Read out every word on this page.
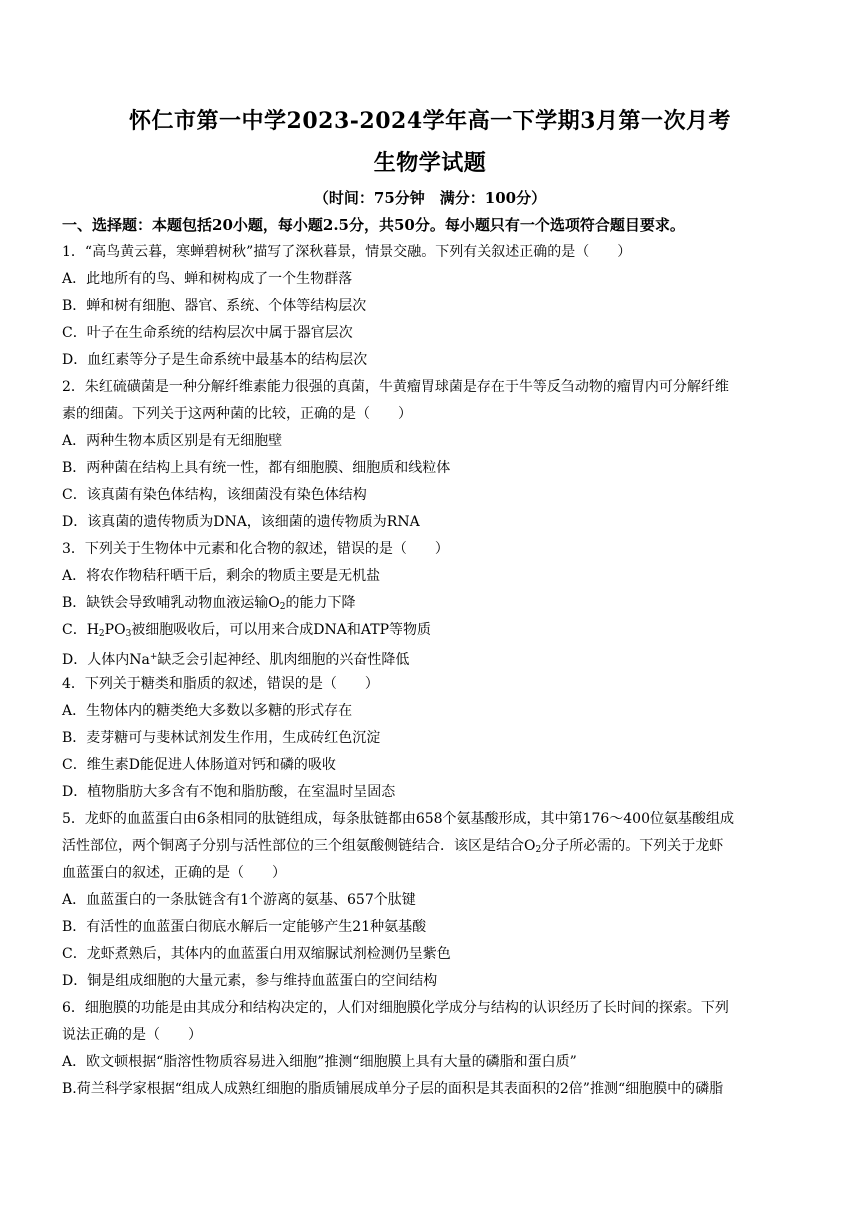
怀仁市第一中学2023-2024学年高一下学期3月第一次月考
生物学试题
（时间：75分钟　满分：100分）
一、选择题：本题包括20小题，每小题2.5分，共50分。每小题只有一个选项符合题目要求。
1．“高鸟黄云暮，寒蝉碧树秋”描写了深秋暮景，情景交融。下列有关叙述正确的是（　　）
A．此地所有的鸟、蝉和树构成了一个生物群落
B．蝉和树有细胞、器官、系统、个体等结构层次
C．叶子在生命系统的结构层次中属于器官层次
D．血红素等分子是生命系统中最基本的结构层次
2．朱红硫磺菌是一种分解纤维素能力很强的真菌，牛黄瘤胃球菌是存在于牛等反刍动物的瘤胃内可分解纤维
素的细菌。下列关于这两种菌的比较，正确的是（　　）
A．两种生物本质区别是有无细胞壁
B．两种菌在结构上具有统一性，都有细胞膜、细胞质和线粒体
C．该真菌有染色体结构，该细菌没有染色体结构
D．该真菌的遗传物质为DNA，该细菌的遗传物质为RNA
3．下列关于生物体中元素和化合物的叙述，错误的是（　　）
A．将农作物秸秆晒干后，剩余的物质主要是无机盐
B．缺铁会导致哺乳动物血液运输$O_2$的能力下降
C．$H_2PO_3$被细胞吸收后，可以用来合成DNA和ATP等物质
D．人体内Na+缺乏会引起神经、肌肉细胞的兴奋性降低
4．下列关于糖类和脂质的叙述，错误的是（　　）
A．生物体内的糖类绝大多数以多糖的形式存在
B．麦芽糖可与斐林试剂发生作用，生成砖红色沉淀
C．维生素D能促进人体肠道对钙和磷的吸收
D．植物脂肪大多含有不饱和脂肪酸，在室温时呈固态
5．龙虾的血蓝蛋白由6条相同的肽链组成，每条肽链都由658个氨基酸形成，其中第176～400位氨基酸组成
活性部位，两个铜离子分别与活性部位的三个组氨酸侧链结合．该区是结合$O_2$分子所必需的。下列关于龙虾
血蓝蛋白的叙述，正确的是（　　）
A．血蓝蛋白的一条肽链含有1个游离的氨基、657个肽键
B．有活性的血蓝蛋白彻底水解后一定能够产生21种氨基酸
C．龙虾煮熟后，其体内的血蓝蛋白用双缩脲试剂检测仍呈紫色
D．铜是组成细胞的大量元素，参与维持血蓝蛋白的空间结构
6．细胞膜的功能是由其成分和结构决定的，人们对细胞膜化学成分与结构的认识经历了长时间的探索。下列
说法正确的是（　　）
A．欧文顿根据“脂溶性物质容易进入细胞”推测“细胞膜上具有大量的磷脂和蛋白质”
B.荷兰科学家根据“组成人成熟红细胞的脂质铺展成单分子层的面积是其表面积的2倍”推测“细胞膜中的磷脂
